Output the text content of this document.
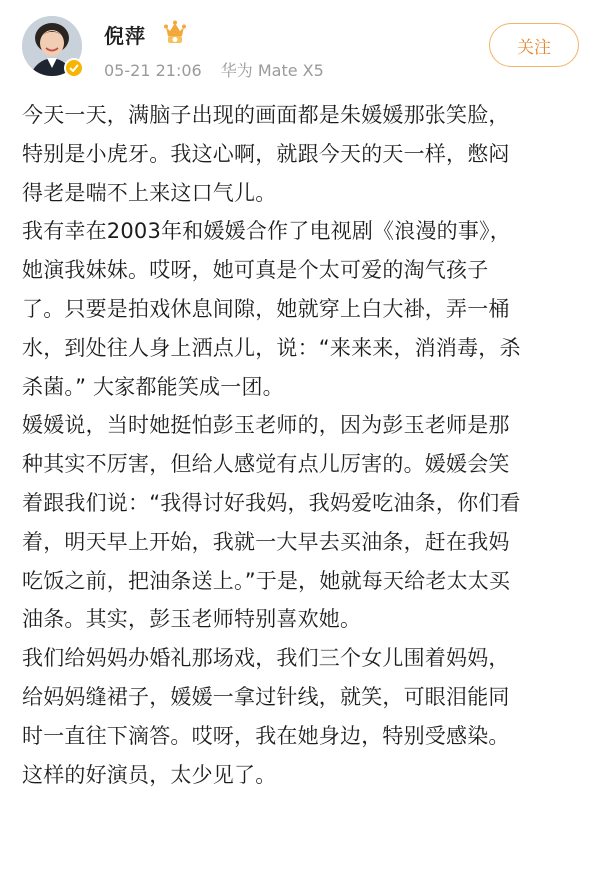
倪萍
05-21 21:06 华为 Mate X5
关注
今天一天，满脑子出现的画面都是朱媛媛那张笑脸，
特别是小虎牙。我这心啊，就跟今天的天一样，憋闷
得老是喘不上来这口气儿。
我有幸在2003年和媛媛合作了电视剧《浪漫的事》，
她演我妹妹。哎呀，她可真是个太可爱的淘气孩子
了。只要是拍戏休息间隙，她就穿上白大褂，弄一桶
水，到处往人身上洒点儿，说：“来来来，消消毒，杀
杀菌。” 大家都能笑成一团。
媛媛说，当时她挺怕彭玉老师的，因为彭玉老师是那
种其实不厉害，但给人感觉有点儿厉害的。媛媛会笑
着跟我们说：“我得讨好我妈，我妈爱吃油条，你们看
着，明天早上开始，我就一大早去买油条，赶在我妈
吃饭之前，把油条送上。”于是，她就每天给老太太买
油条。其实，彭玉老师特别喜欢她。
我们给妈妈办婚礼那场戏，我们三个女儿围着妈妈，
给妈妈缝裙子，媛媛一拿过针线，就笑，可眼泪能同
时一直往下滴答。哎呀，我在她身边，特别受感染。
这样的好演员，太少见了。
